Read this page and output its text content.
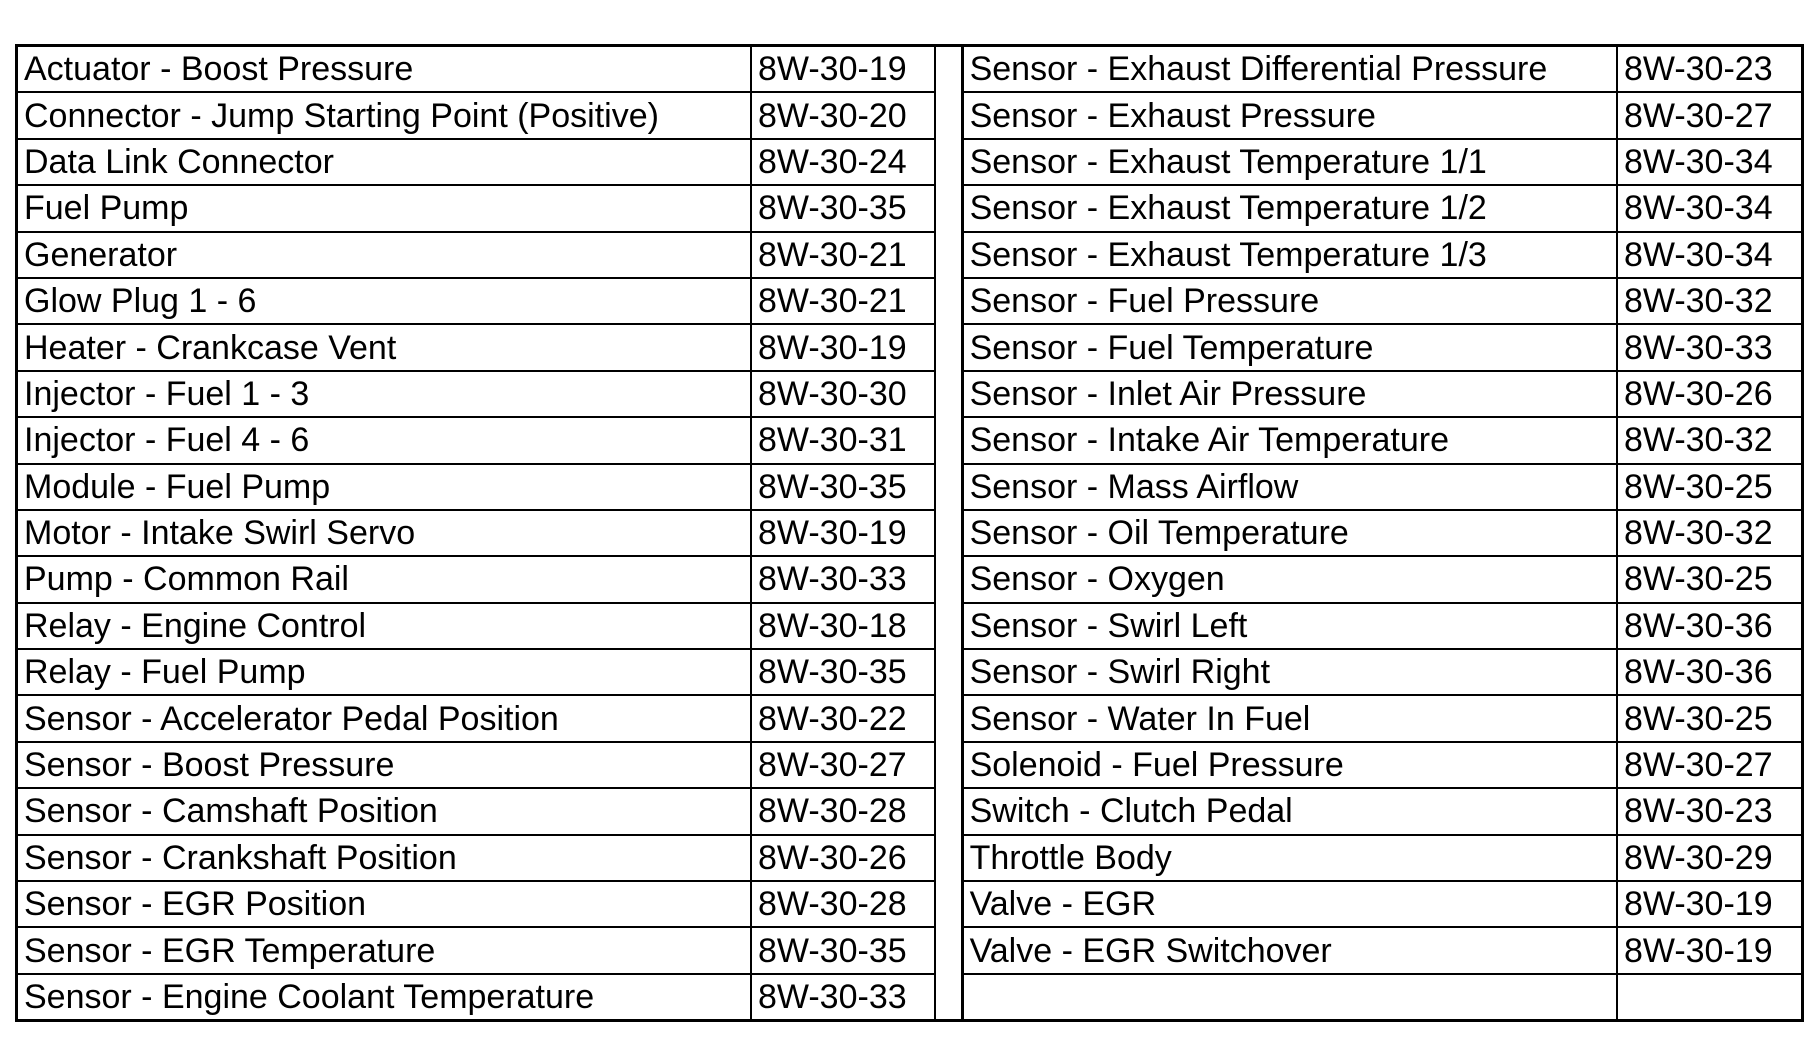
Actuator - Boost Pressure	8W-30-19		Sensor - Exhaust Differential Pressure	8W-30-23
Connector - Jump Starting Point (Positive)	8W-30-20		Sensor - Exhaust Pressure	8W-30-27
Data Link Connector	8W-30-24		Sensor - Exhaust Temperature 1/1	8W-30-34
Fuel Pump	8W-30-35		Sensor - Exhaust Temperature 1/2	8W-30-34
Generator	8W-30-21		Sensor - Exhaust Temperature 1/3	8W-30-34
Glow Plug 1 - 6	8W-30-21		Sensor - Fuel Pressure	8W-30-32
Heater - Crankcase Vent	8W-30-19		Sensor - Fuel Temperature	8W-30-33
Injector - Fuel 1 - 3	8W-30-30		Sensor - Inlet Air Pressure	8W-30-26
Injector - Fuel 4 - 6	8W-30-31		Sensor - Intake Air Temperature	8W-30-32
Module - Fuel Pump	8W-30-35		Sensor - Mass Airflow	8W-30-25
Motor - Intake Swirl Servo	8W-30-19		Sensor - Oil Temperature	8W-30-32
Pump - Common Rail	8W-30-33		Sensor - Oxygen	8W-30-25
Relay - Engine Control	8W-30-18		Sensor - Swirl Left	8W-30-36
Relay - Fuel Pump	8W-30-35		Sensor - Swirl Right	8W-30-36
Sensor - Accelerator Pedal Position	8W-30-22		Sensor - Water In Fuel	8W-30-25
Sensor - Boost Pressure	8W-30-27		Solenoid - Fuel Pressure	8W-30-27
Sensor - Camshaft Position	8W-30-28		Switch - Clutch Pedal	8W-30-23
Sensor - Crankshaft Position	8W-30-26		Throttle Body	8W-30-29
Sensor - EGR Position	8W-30-28		Valve - EGR	8W-30-19
Sensor - EGR Temperature	8W-30-35		Valve - EGR Switchover	8W-30-19
Sensor - Engine Coolant Temperature	8W-30-33			
